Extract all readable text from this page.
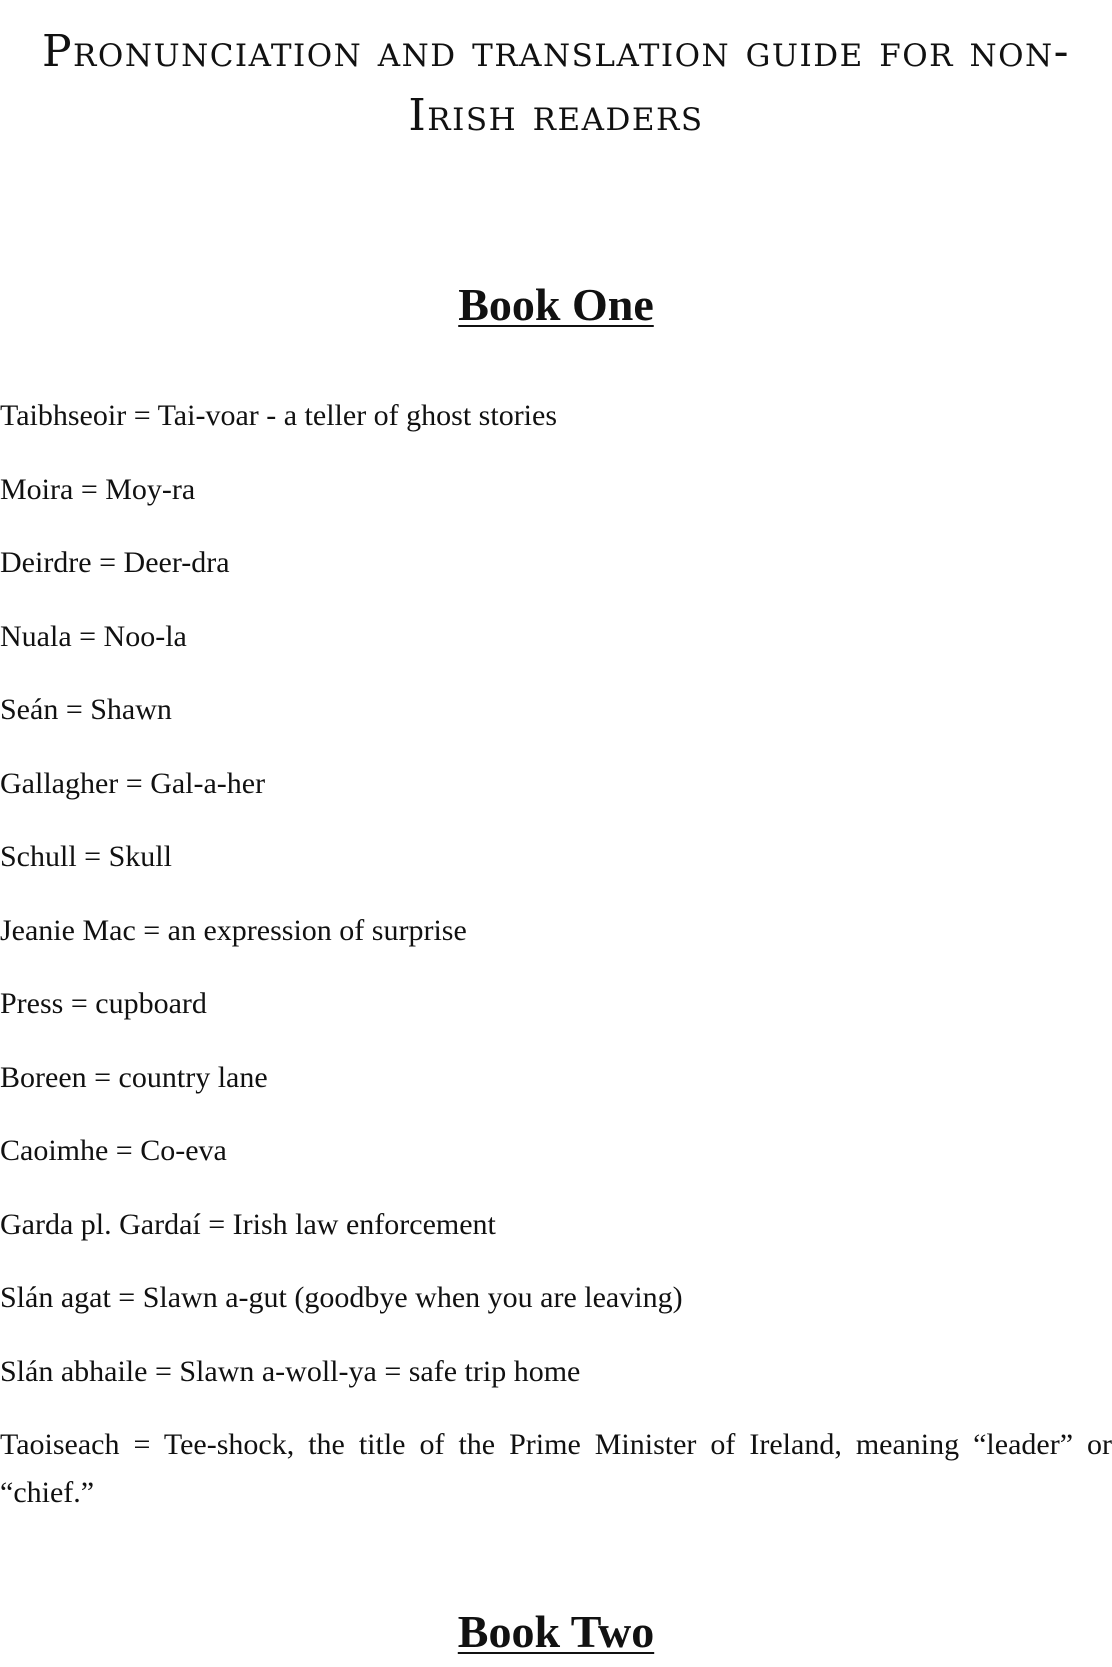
Pronunciation and translation guide for non-Irish readers
Book One
Taibhseoir = Tai-voar - a teller of ghost stories
Moira = Moy-ra
Deirdre = Deer-dra
Nuala = Noo-la
Seán = Shawn
Gallagher = Gal-a-her
Schull = Skull
Jeanie Mac = an expression of surprise
Press = cupboard
Boreen = country lane
Caoimhe = Co-eva
Garda pl. Gardaí = Irish law enforcement
Slán agat = Slawn a-gut (goodbye when you are leaving)
Slán abhaile = Slawn a-woll-ya = safe trip home
Taoiseach = Tee-shock, the title of the Prime Minister of Ireland, meaning “leader” or “chief.”
Book Two
